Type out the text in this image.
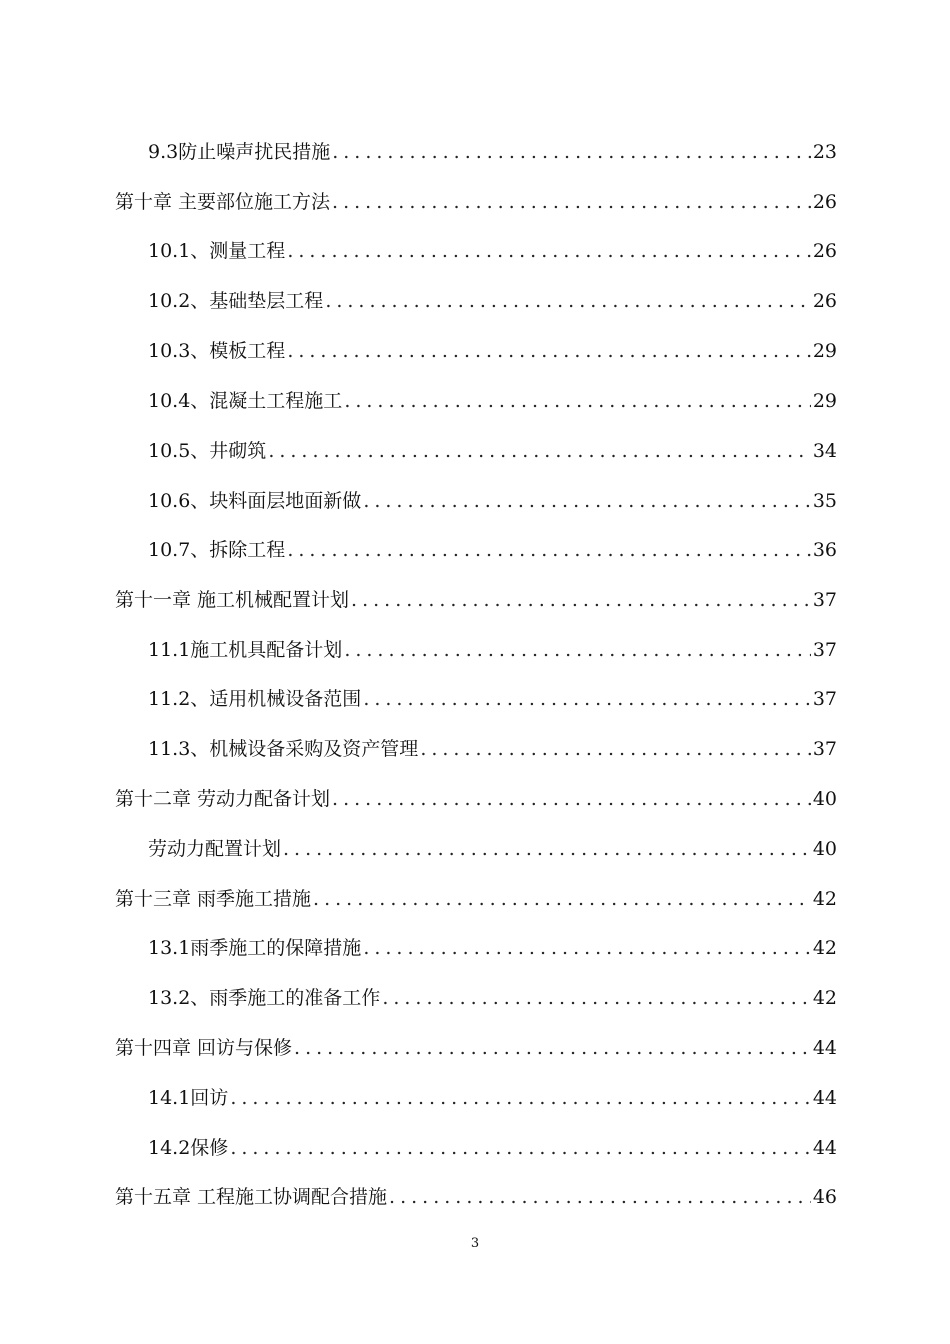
9.3防止噪声扰民措施 .....	23
第十章 主要部位施工方法 .....	26
10.1、测量工程 .....	26
10.2、基础垫层工程 .....	26
10.3、模板工程 .....	29
10.4、混凝土工程施工 .....	29
10.5、井砌筑 .....	34
10.6、块料面层地面新做 .....	35
10.7、拆除工程 .....	36
第十一章 施工机械配置计划 .....	37
11.1施工机具配备计划 .....	37
11.2、适用机械设备范围 .....	37
11.3、机械设备采购及资产管理 .....	37
第十二章 劳动力配备计划 .....	40
劳动力配置计划 .....	40
第十三章 雨季施工措施 .....	42
13.1雨季施工的保障措施 .....	42
13.2、雨季施工的准备工作 .....	42
第十四章 回访与保修 .....	44
14.1回访 .....	44
14.2保修 .....	44
第十五章 工程施工协调配合措施 .....	46
3
